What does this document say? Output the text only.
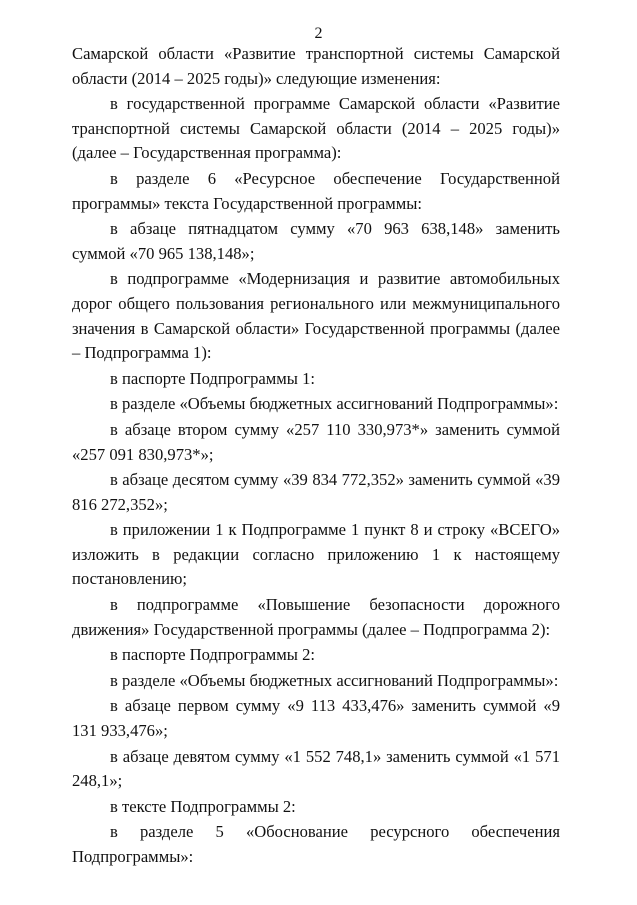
2

Самарской области «Развитие транспортной системы Самарской области (2014 – 2025 годы)» следующие изменения:

в государственной программе Самарской области «Развитие транспортной системы Самарской области (2014 – 2025 годы)» (далее – Государственная программа):

в разделе 6 «Ресурсное обеспечение Государственной программы» текста Государственной программы:

в абзаце пятнадцатом сумму «70 963 638,148» заменить суммой «70 965 138,148»;

в подпрограмме «Модернизация и развитие автомобильных дорог общего пользования регионального или межмуниципального значения в Самарской области» Государственной программы (далее – Подпрограмма 1):

в паспорте Подпрограммы 1:

в разделе «Объемы бюджетных ассигнований Подпрограммы»:

в абзаце втором сумму «257 110 330,973*» заменить суммой «257 091 830,973*»;

в абзаце десятом сумму «39 834 772,352» заменить суммой «39 816 272,352»;

в приложении 1 к Подпрограмме 1 пункт 8 и строку «ВСЕГО» изложить в редакции согласно приложению 1 к настоящему постановлению;

в подпрограмме «Повышение безопасности дорожного движения» Государственной программы (далее – Подпрограмма 2):

в паспорте Подпрограммы 2:

в разделе «Объемы бюджетных ассигнований Подпрограммы»:

в абзаце первом сумму «9 113 433,476» заменить суммой «9 131 933,476»;

в абзаце девятом сумму «1 552 748,1» заменить суммой «1 571 248,1»;

в тексте Подпрограммы 2:

в разделе 5 «Обоснование ресурсного обеспечения Подпрограммы»:
